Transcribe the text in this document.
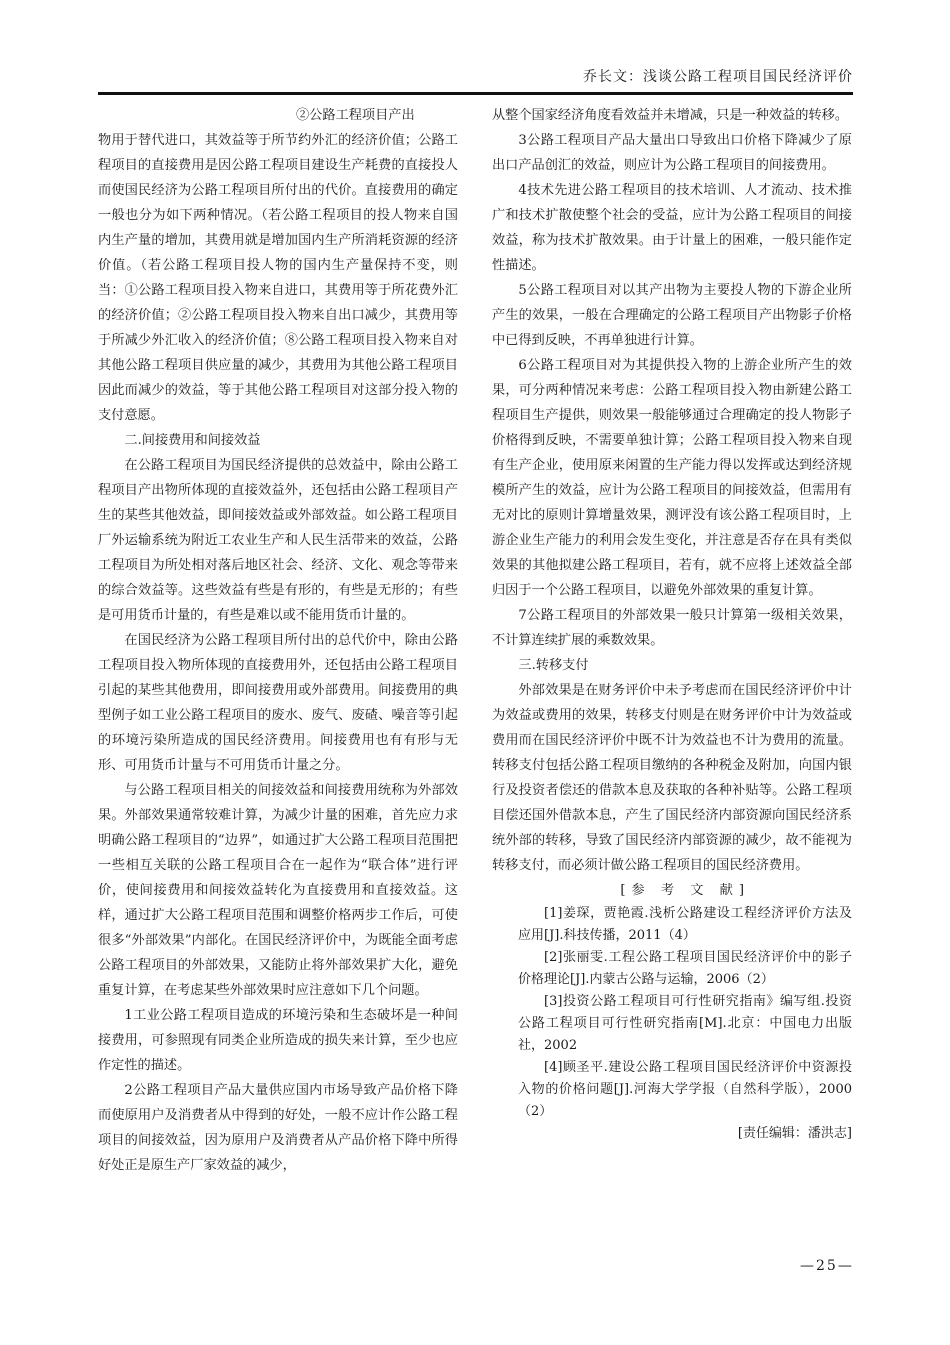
乔长文：浅谈公路工程项目国民经济评价

②公路工程项目产出

物用于替代进口，其效益等于所节约外汇的经济价值；公路工程项目的直接费用是因公路工程项目建设生产耗费的直接投人而使国民经济为公路工程项目所付出的代价。直接费用的确定一般也分为如下两种情况。（若公路工程项目的投人物来自国内生产量的增加，其费用就是增加国内生产所消耗资源的经济价值。（若公路工程项目投人物的国内生产量保持不变，则当：①公路工程项目投入物来自进口，其费用等于所花费外汇的经济价值；②公路工程项目投入物来自出口减少，其费用等于所减少外汇收入的经济价值；⑧公路工程项目投入物来自对其他公路工程项目供应量的减少，其费用为其他公路工程项目因此而减少的效益，等于其他公路工程项目对这部分投入物的支付意愿。

二.间接费用和间接效益

在公路工程项目为国民经济提供的总效益中，除由公路工程项目产出物所体现的直接效益外，还包括由公路工程项目产生的某些其他效益，即间接效益或外部效益。如公路工程项目厂外运输系统为附近工农业生产和人民生活带来的效益，公路工程项目为所处相对落后地区社会、经济、文化、观念等带来的综合效益等。这些效益有些是有形的，有些是无形的；有些是可用货币计量的，有些是难以或不能用货币计量的。

在国民经济为公路工程项目所付出的总代价中，除由公路工程项目投入物所体现的直接费用外，还包括由公路工程项目引起的某些其他费用，即间接费用或外部费用。间接费用的典型例子如工业公路工程项目的废水、废气、废碴、噪音等引起的环境污染所造成的国民经济费用。间接费用也有有形与无形、可用货币计量与不可用货币计量之分。

与公路工程项目相关的间接效益和间接费用统称为外部效果。外部效果通常较难计算，为减少计量的困难，首先应力求明确公路工程项目的“边界”，如通过扩大公路工程项目范围把一些相互关联的公路工程项目合在一起作为“联合体”进行评价，使间接费用和间接效益转化为直接费用和直接效益。这样，通过扩大公路工程项目范围和调整价格两步工作后，可使很多“外部效果”内部化。在国民经济评价中，为既能全面考虑公路工程项目的外部效果，又能防止将外部效果扩大化，避免重复计算，在考虑某些外部效果时应注意如下几个问题。

1工业公路工程项目造成的环境污染和生态破坏是一种间接费用，可参照现有同类企业所造成的损失来计算，至少也应作定性的描述。

2公路工程项目产品大量供应国内市场导致产品价格下降而使原用户及消费者从中得到的好处，一般不应计作公路工程项目的间接效益，因为原用户及消费者从产品价格下降中所得好处正是原生产厂家效益的减少，

从整个国家经济角度看效益并未增减，只是一种效益的转移。

3公路工程项目产品大量出口导致出口价格下降减少了原出口产品创汇的效益，则应计为公路工程项目的间接费用。

4技术先进公路工程项目的技术培训、人才流动、技术推广和技术扩散使整个社会的受益，应计为公路工程项目的间接效益，称为技术扩散效果。由于计量上的困难，一般只能作定性描述。

5公路工程项目对以其产出物为主要投人物的下游企业所产生的效果，一般在合理确定的公路工程项目产出物影子价格中已得到反映，不再单独进行计算。

6公路工程项目对为其提供投入物的上游企业所产生的效果，可分两种情况来考虑：公路工程项目投入物由新建公路工程项目生产提供，则效果一般能够通过合理确定的投人物影子价格得到反映，不需要单独计算；公路工程项目投入物来自现有生产企业，使用原来闲置的生产能力得以发挥或达到经济规模所产生的效益，应计为公路工程项目的间接效益，但需用有无对比的原则计算增量效果，测评没有该公路工程项目时，上游企业生产能力的利用会发生变化，并注意是否存在具有类似效果的其他拟建公路工程项目，若有，就不应将上述效益全部归因于一个公路工程项目，以避免外部效果的重复计算。

7公路工程项目的外部效果一般只计算第一级相关效果，不计算连续扩展的乘数效果。

三.转移支付

外部效果是在财务评价中未予考虑而在国民经济评价中计为效益或费用的效果，转移支付则是在财务评价中计为效益或费用而在国民经济评价中既不计为效益也不计为费用的流量。转移支付包括公路工程项目缴纳的各种税金及附加，向国内银行及投资者偿还的借款本息及获取的各种补贴等。公路工程项目偿还国外借款本息，产生了国民经济内部资源向国民经济系统外部的转移，导致了国民经济内部资源的减少，故不能视为转移支付，而必须计做公路工程项目的国民经济费用。

[参 考 文 献]

[1]姜琛，贾艳霞.浅析公路建设工程经济评价方法及应用[J].科技传播，2011（4）

[2]张丽雯.工程公路工程项目国民经济评价中的影子价格理论[J].内蒙古公路与运输，2006（2）

[3]投资公路工程项目可行性研究指南》编写组.投资公路工程项目可行性研究指南[M].北京：中国电力出版社，2002

[4]顾圣平.建设公路工程项目国民经济评价中资源投入物的价格问题[J].河海大学学报（自然科学版），2000（2）

[责任编辑：潘洪志]

—25—
